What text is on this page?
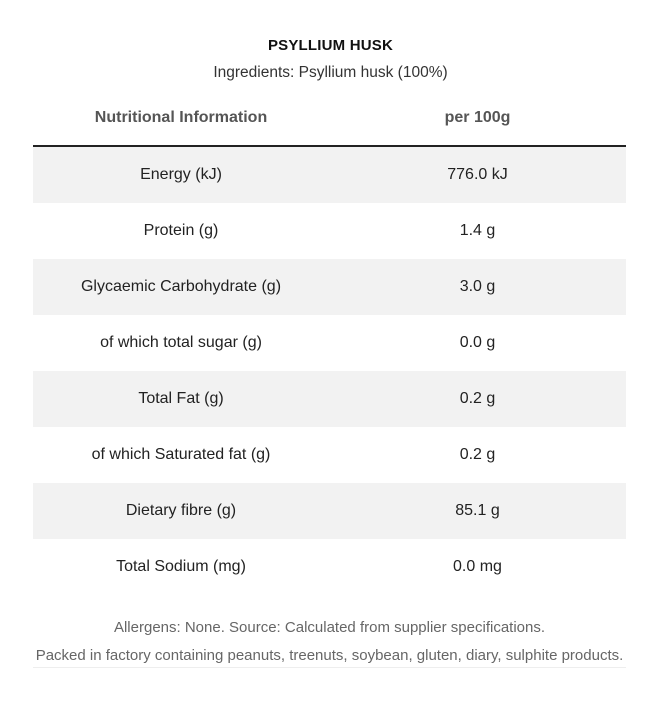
PSYLLIUM HUSK
Ingredients: Psyllium husk (100%)
Nutritional Information	per 100g
Energy (kJ)	776.0 kJ
Protein (g)	1.4 g
Glycaemic Carbohydrate (g)	3.0 g
of which total sugar (g)	0.0 g
Total Fat (g)	0.2 g
of which Saturated fat (g)	0.2 g
Dietary fibre (g)	85.1 g
Total Sodium (mg)	0.0 mg
Allergens: None. Source: Calculated from supplier specifications.
Packed in factory containing peanuts, treenuts, soybean, gluten, diary, sulphite products.
